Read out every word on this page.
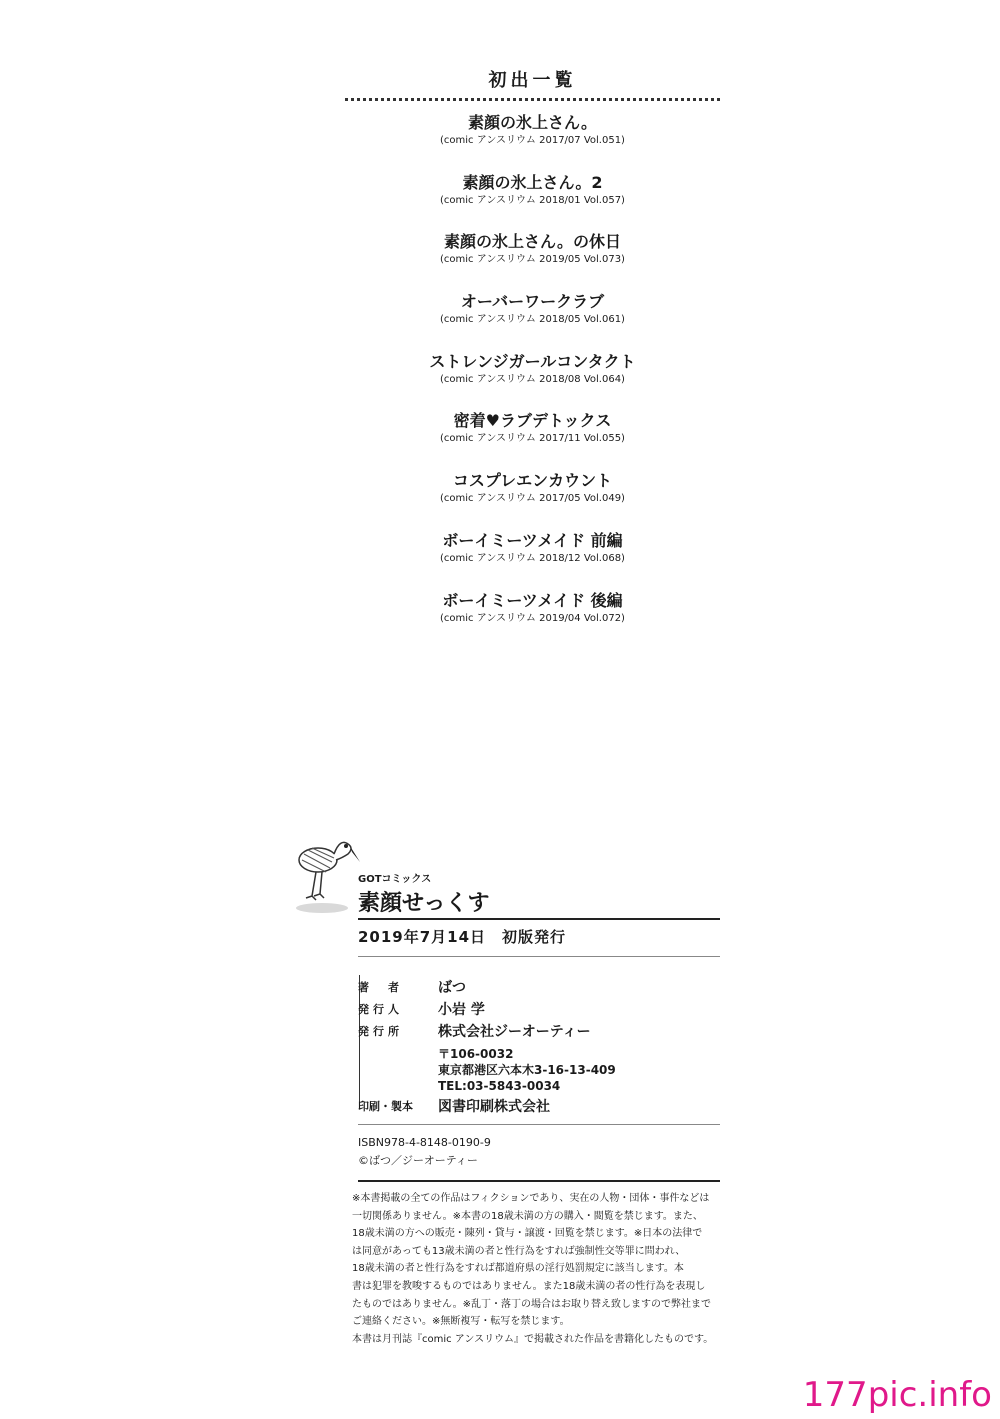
初出一覧
素顔の氷上さん。
(comic アンスリウム 2017/07 Vol.051)
素顔の氷上さん。2
(comic アンスリウム 2018/01 Vol.057)
素顔の氷上さん。の休日
(comic アンスリウム 2019/05 Vol.073)
オーバーワークラブ
(comic アンスリウム 2018/05 Vol.061)
ストレンジガールコンタクト
(comic アンスリウム 2018/08 Vol.064)
密着♥ラブデトックス
(comic アンスリウム 2017/11 Vol.055)
コスプレエンカウント
(comic アンスリウム 2017/05 Vol.049)
ボーイミーツメイド 前編
(comic アンスリウム 2018/12 Vol.068)
ボーイミーツメイド 後編
(comic アンスリウム 2019/04 Vol.072)
GOTコミックス
素顔せっくす
2019年7月14日　初版発行
著　者	ばつ
発行人	小岩 学
発行所	株式会社ジーオーティー
〒106-0032
東京都港区六本木3-16-13-409
TEL:03-5843-0034
印刷・製本	図書印刷株式会社
ISBN978-4-8148-0190-9
©ばつ／ジーオーティー

※本書掲載の全ての作品はフィクションであり、実在の人物・団体・事件などは

一切関係ありません。※本書の18歳未満の方の購入・閲覧を禁じます。また、

18歳未満の方への販売・陳列・貸与・譲渡・回覧を禁じます。※日本の法律で

は同意があっても13歳未満の者と性行為をすれば強制性交等罪に問われ、

18歳未満の者と性行為をすれば都道府県の淫行処罰規定に該当します。本

書は犯罪を教唆するものではありません。また18歳未満の者の性行為を表現し

たものではありません。※乱丁・落丁の場合はお取り替え致しますので弊社まで

ご連絡ください。※無断複写・転写を禁じます。

本書は月刊誌『comic アンスリウム』で掲載された作品を書籍化したものです。

177pic.info
